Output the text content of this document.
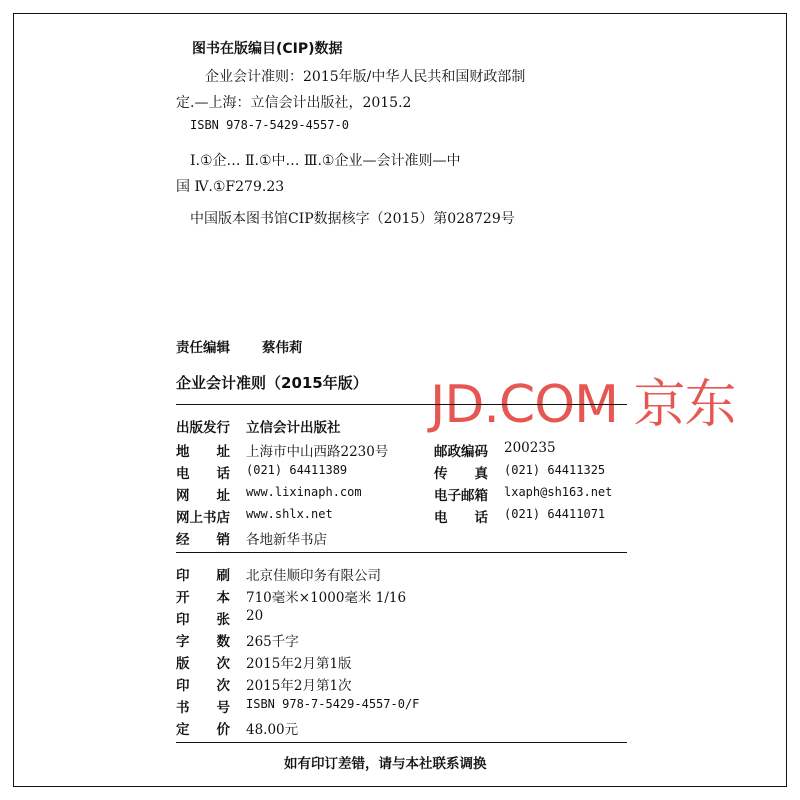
图书在版编目(CIP)数据
企业会计准则：2015年版/中华人民共和国财政部制
定.—上海：立信会计出版社，2015.2
ISBN 978-7-5429-4557-0
Ⅰ.①企… Ⅱ.①中… Ⅲ.①企业—会计准则—中
国 Ⅳ.①F279.23
中国版本图书馆CIP数据核字（2015）第028729号
责任编辑 蔡伟莉
企业会计准则（2015年版） JD.COM 京东
出版发行 立信会计出版社
地　　址 上海市中山西路2230号	邮政编码 200235
电　　话 (021) 64411389	传　　真 (021) 64411325
网　　址 www.lixinaph.com	电子邮箱 lxaph@sh163.net
网上书店 www.shlx.net	电　　话 (021) 64411071
经　　销 各地新华书店
印　　刷 北京佳顺印务有限公司
开　　本 710毫米×1000毫米 1/16
印　　张 20
字　　数 265千字
版　　次 2015年2月第1版
印　　次 2015年2月第1次
书　　号 ISBN 978-7-5429-4557-0/F
定　　价 48.00元
如有印订差错，请与本社联系调换
